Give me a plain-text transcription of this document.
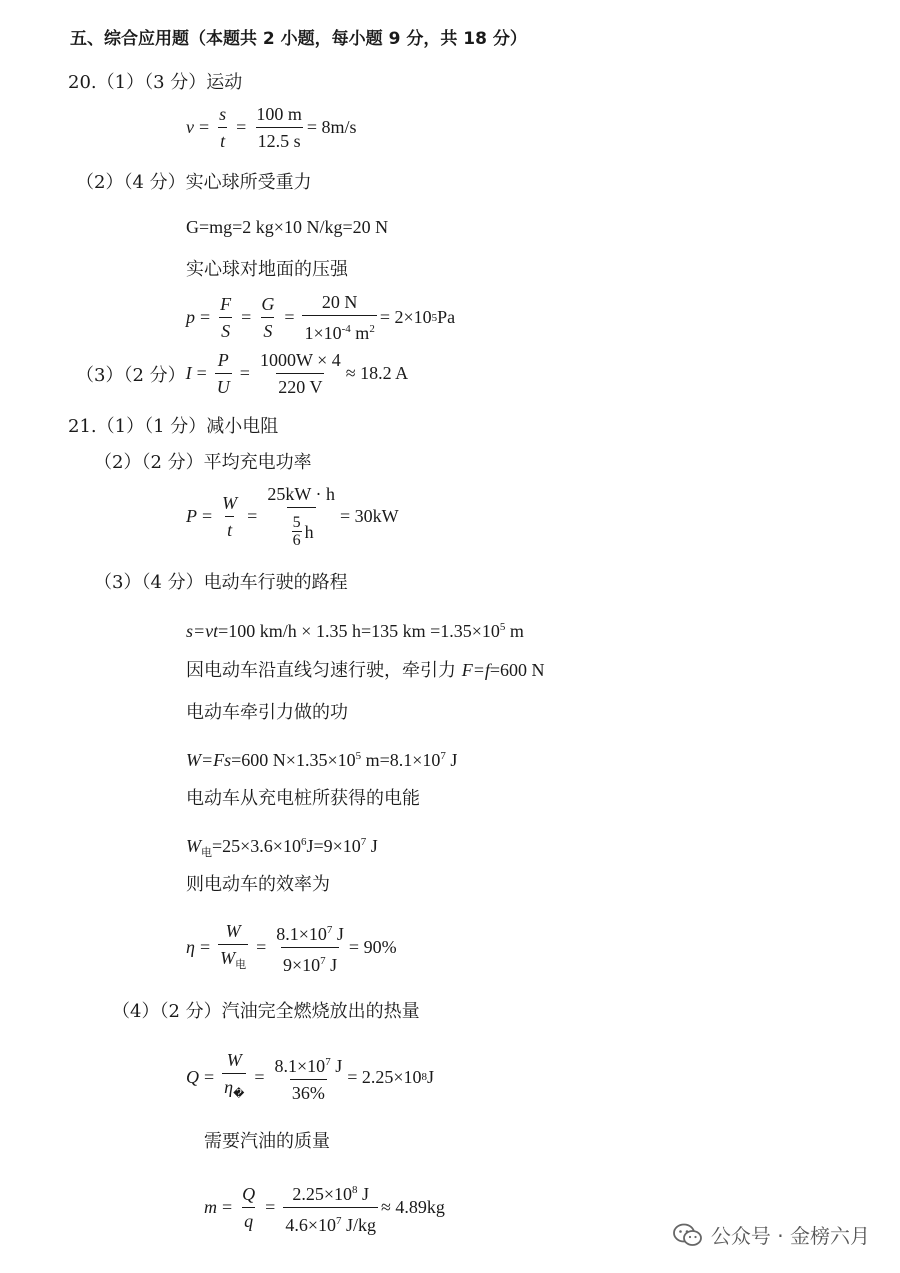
五、综合应用题（本题共 2 小题，每小题 9 分，共 18 分）
20.（1）（3 分）运动
$v = \frac{s}{t} = \frac{100 m}{12.5 s} = 8m/s$
（2）（4 分）实心球所受重力
G=mg=2 kg×10 N/kg=20 N
实心球对地面的压强
$p = \frac{F}{S} = \frac{G}{S} = \frac{20 N}{1\times 10^{-4} m^2} = 2\times 10$ 5 Pa
（3）（2 分） $I = \frac{P}{U} = \frac{1000W \times 4}{220 V} \approx 18.2$ A
21.（1）（1 分）减小电阻
（2）（2 分）平均充电功率
$P = \frac{W}{t} = \frac{25kW \cdot h}{\frac{5}{6} h} = 30kW$
（3）（4 分）电动车行驶的路程
s=vt=100 km/h × 1.35 h=135 km $=1.35\times 10^5$ m
因电动车沿直线匀速行驶，牵引力 F=f=600 N
电动车牵引力做的功
W=Fs=600 $N\times 1.35\times 10^5$ $m=8.1\times 10^7$ J
电动车从充电桩所获得的电能
$W_电=25\times 3.6\times 10^6J=9\times 10^7$ J
则电动车的效率为
$\eta = \frac{W}{W_电} = \frac{8.1\times 10^7 J}{9\times 10^7 J} = 90\%$
（4）（2 分）汽油完全燃烧放出的热量
$Q = \frac{W}{\eta_�} = \frac{8.1\times 10^7 J}{36\%} = 2.25\times 10$ 8 J
需要汽油的质量
$m = \frac{Q}{q} = \frac{2.25\times 10^8 J}{4.6\times 10^7 J/kg} \approx 4.89kg$
公众号 · 金榜六月
